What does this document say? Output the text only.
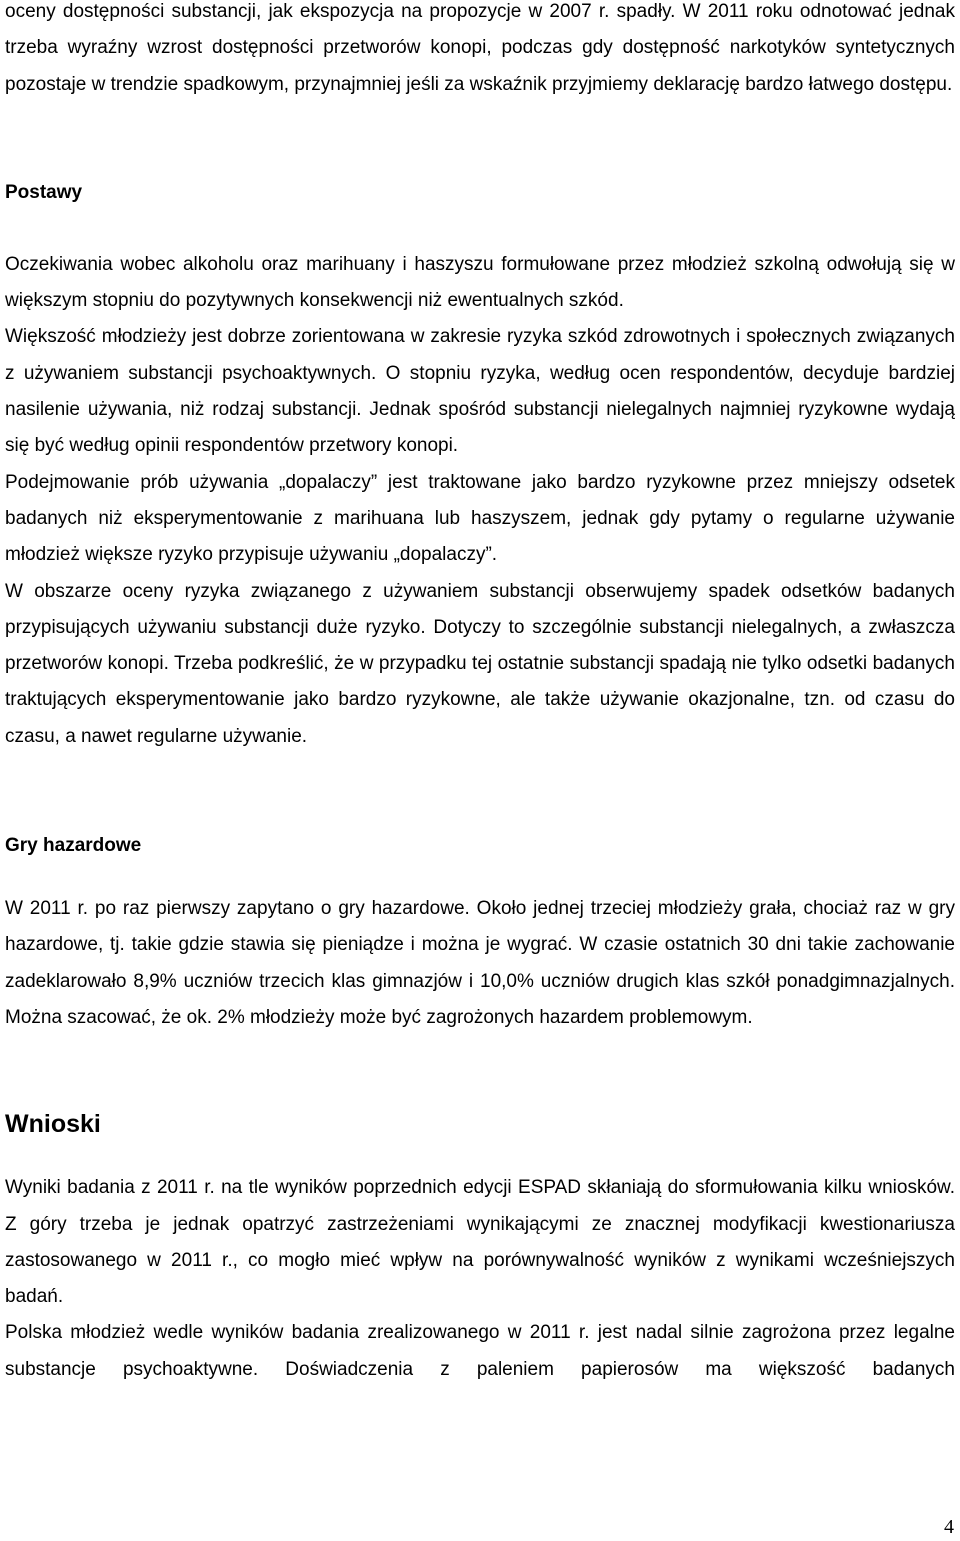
oceny dostępności substancji, jak ekspozycja na propozycje w 2007 r. spadły. W 2011 roku odnotować jednak trzeba wyraźny wzrost dostępności przetworów konopi, podczas gdy dostępność narkotyków syntetycznych pozostaje w trendzie spadkowym, przynajmniej jeśli za wskaźnik przyjmiemy deklarację bardzo łatwego dostępu.

Postawy

Oczekiwania wobec alkoholu oraz marihuany i haszyszu formułowane przez młodzież szkolną odwołują się w większym stopniu do pozytywnych konsekwencji niż ewentualnych szkód.

Większość młodzieży jest dobrze zorientowana w zakresie ryzyka szkód zdrowotnych i społecznych związanych z używaniem substancji psychoaktywnych. O stopniu ryzyka, według ocen respondentów, decyduje bardziej nasilenie używania, niż rodzaj substancji. Jednak spośród substancji nielegalnych najmniej ryzykowne wydają się być według opinii respondentów przetwory konopi.

Podejmowanie prób używania „dopalaczy” jest traktowane jako bardzo ryzykowne przez mniejszy odsetek badanych niż eksperymentowanie z marihuana lub haszyszem, jednak gdy pytamy o regularne używanie młodzież większe ryzyko przypisuje używaniu „dopalaczy”.

W obszarze oceny ryzyka związanego z używaniem substancji obserwujemy spadek odsetków badanych przypisujących używaniu substancji duże ryzyko. Dotyczy to szczególnie substancji nielegalnych, a zwłaszcza przetworów konopi. Trzeba podkreślić, że w przypadku tej ostatnie substancji spadają nie tylko odsetki badanych traktujących eksperymentowanie jako bardzo ryzykowne, ale także używanie okazjonalne, tzn. od czasu do czasu, a nawet regularne używanie.

Gry hazardowe

W 2011 r. po raz pierwszy zapytano o gry hazardowe. Około jednej trzeciej młodzieży grała, chociaż raz w gry hazardowe, tj. takie gdzie stawia się pieniądze i można je wygrać. W czasie ostatnich 30 dni takie zachowanie zadeklarowało 8,9% uczniów trzecich klas gimnazjów i 10,0% uczniów drugich klas szkół ponadgimnazjalnych. Można szacować, że ok. 2% młodzieży może być zagrożonych hazardem problemowym.

Wnioski

Wyniki badania z 2011 r. na tle wyników poprzednich edycji ESPAD skłaniają do sformułowania kilku wniosków. Z góry trzeba je jednak opatrzyć zastrzeżeniami wynikającymi ze znacznej modyfikacji kwestionariusza zastosowanego w 2011 r., co mogło mieć wpływ na porównywalność wyników z wynikami wcześniejszych badań.

Polska młodzież wedle wyników badania zrealizowanego w 2011 r. jest nadal silnie zagrożona przez legalne substancje psychoaktywne. Doświadczenia z paleniem papierosów ma większość badanych

4
